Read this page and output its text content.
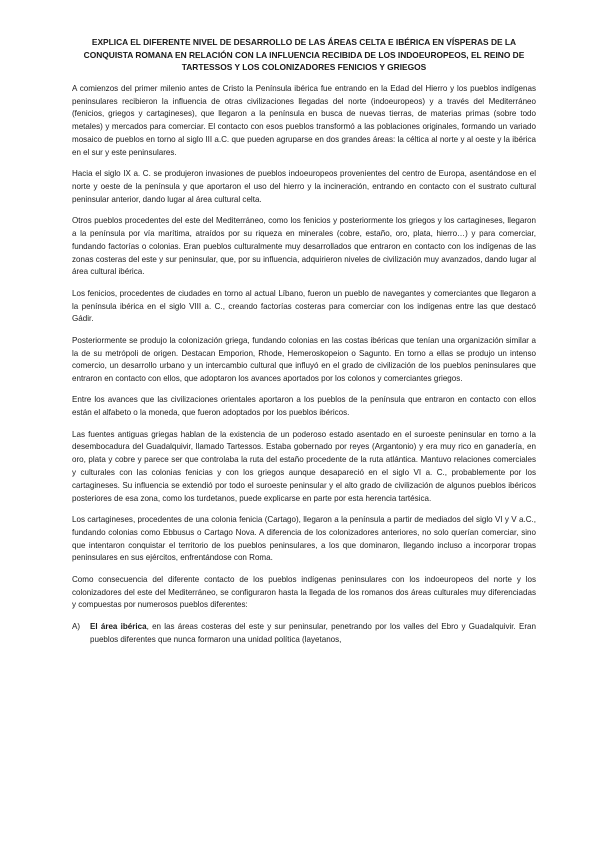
EXPLICA EL DIFERENTE NIVEL DE DESARROLLO DE LAS ÁREAS CELTA E IBÉRICA EN VÍSPERAS DE LA CONQUISTA ROMANA EN RELACIÓN CON LA INFLUENCIA RECIBIDA DE LOS INDOEUROPEOS, EL REINO DE TARTESSOS Y LOS COLONIZADORES FENICIOS Y GRIEGOS

A comienzos del primer milenio antes de Cristo la Península ibérica fue entrando en la Edad del Hierro y los pueblos indígenas peninsulares recibieron la influencia de otras civilizaciones llegadas del norte (indoeuropeos) y a través del Mediterráneo (fenicios, griegos y cartagineses), que llegaron a la península en busca de nuevas tierras, de materias primas (sobre todo metales) y mercados para comerciar. El contacto con esos pueblos transformó a las poblaciones originales, formando un variado mosaico de pueblos en torno al siglo III a.C. que pueden agruparse en dos grandes áreas: la céltica al norte y al oeste y la ibérica en el sur y este peninsulares.

Hacia el siglo IX a. C. se produjeron invasiones de pueblos indoeuropeos provenientes del centro de Europa, asentándose en el norte y oeste de la península y que aportaron el uso del hierro y la incineración, entrando en contacto con el sustrato cultural peninsular anterior, dando lugar al área cultural celta.

Otros pueblos procedentes del este del Mediterráneo, como los fenicios y posteriormente los griegos y los cartagineses, llegaron a la península por vía marítima, atraídos por su riqueza en minerales (cobre, estaño, oro, plata, hierro…) y para comerciar, fundando factorías o colonias. Eran pueblos culturalmente muy desarrollados que entraron en contacto con los indígenas de las zonas costeras del este y sur peninsular, que, por su influencia, adquirieron niveles de civilización muy avanzados, dando lugar al área cultural ibérica.

Los fenicios, procedentes de ciudades en torno al actual Líbano, fueron un pueblo de navegantes y comerciantes que llegaron a la península ibérica en el siglo VIII a. C., creando factorías costeras para comerciar con los indígenas entre las que destacó Gádir.

Posteriormente se produjo la colonización griega, fundando colonias en las costas ibéricas que tenían una organización similar a la de su metrópoli de origen. Destacan Emporion, Rhode, Hemeroskopeion o Sagunto. En torno a ellas se produjo un intenso comercio, un desarrollo urbano y un intercambio cultural que influyó en el grado de civilización de los pueblos peninsulares que entraron en contacto con ellos, que adoptaron los avances aportados por los colonos y comerciantes griegos.

Entre los avances que las civilizaciones orientales aportaron a los pueblos de la península que entraron en contacto con ellos están el alfabeto o la moneda, que fueron adoptados por los pueblos ibéricos.

Las fuentes antiguas griegas hablan de la existencia de un poderoso estado asentado en el suroeste peninsular en torno a la desembocadura del Guadalquivir, llamado Tartessos. Estaba gobernado por reyes (Argantonio) y era muy rico en ganadería, en oro, plata y cobre y parece ser que controlaba la ruta del estaño procedente de la ruta atlántica. Mantuvo relaciones comerciales y culturales con las colonias fenicias y con los griegos aunque desapareció en el siglo VI a. C., probablemente por los cartagineses. Su influencia se extendió por todo el suroeste peninsular y el alto grado de civilización de algunos pueblos ibéricos posteriores de esa zona, como los turdetanos, puede explicarse en parte por esta herencia tartésica.

Los cartagineses, procedentes de una colonia fenicia (Cartago), llegaron a la península a partir de mediados del siglo VI y V a.C., fundando colonias como Ebbusus o Cartago Nova. A diferencia de los colonizadores anteriores, no solo querían comerciar, sino que intentaron conquistar el territorio de los pueblos peninsulares, a los que dominaron, llegando incluso a incorporar tropas peninsulares en sus ejércitos, enfrentándose con Roma.

Como consecuencia del diferente contacto de los pueblos indígenas peninsulares con los indoeuropeos del norte y los colonizadores del este del Mediterráneo, se configuraron hasta la llegada de los romanos dos áreas culturales muy diferenciadas y compuestas por numerosos pueblos diferentes:

A)	El área ibérica, en las áreas costeras del este y sur peninsular, penetrando por los valles del Ebro y Guadalquivir. Eran pueblos diferentes que nunca formaron una unidad política (layetanos,
